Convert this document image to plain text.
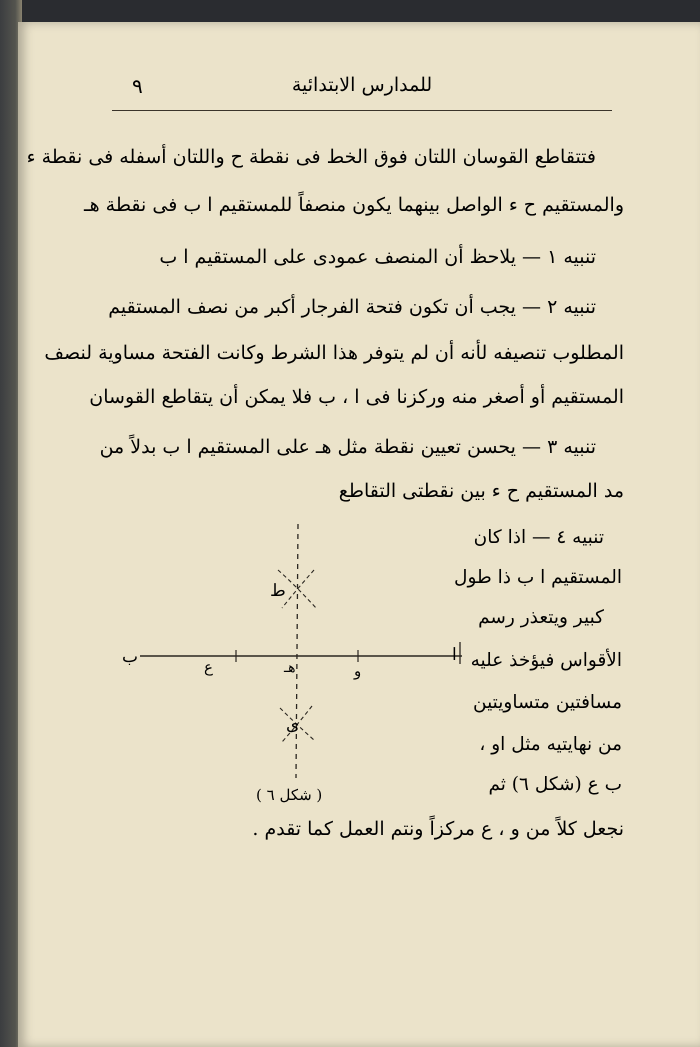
٩	للمدارس الابتدائية
فتتقاطع القوسان اللتان فوق الخط فى نقطة ح واللتان أسفله فى نقطة ء
والمستقيم ح ء الواصل بينهما يكون منصفاً للمستقيم ا ب فى نقطة هـ
تنبيه ١ — يلاحظ أن المنصف عمودى على المستقيم ا ب
تنبيه ٢ — يجب أن تكون فتحة الفرجار أكبر من نصف المستقيم
المطلوب تنصيفه لأنه أن لم يتوفر هذا الشرط وكانت الفتحة مساوية لنصف
المستقيم أو أصغر منه وركزنا فى ا ، ب فلا يمكن أن يتقاطع القوسان
تنبيه ٣ — يحسن تعيين نقطة مثل هـ على المستقيم ا ب بدلاً من
مد المستقيم ح ء بين نقطتى التقاطع
تنبيه ٤ — اذا كان
المستقيم ا ب ذا طول
كبير ويتعذر رسم
الأقواس فيؤخذ عليه
مسافتين متساويتين
من نهايتيه مثل او ،
ب ع (شكل ٦) ثم
نجعل كلاً من و ، ع مركزاً ونتم العمل كما تقدم .
ب	ا
هـ	و
ع
ط
ى
( شكل ٦ )
